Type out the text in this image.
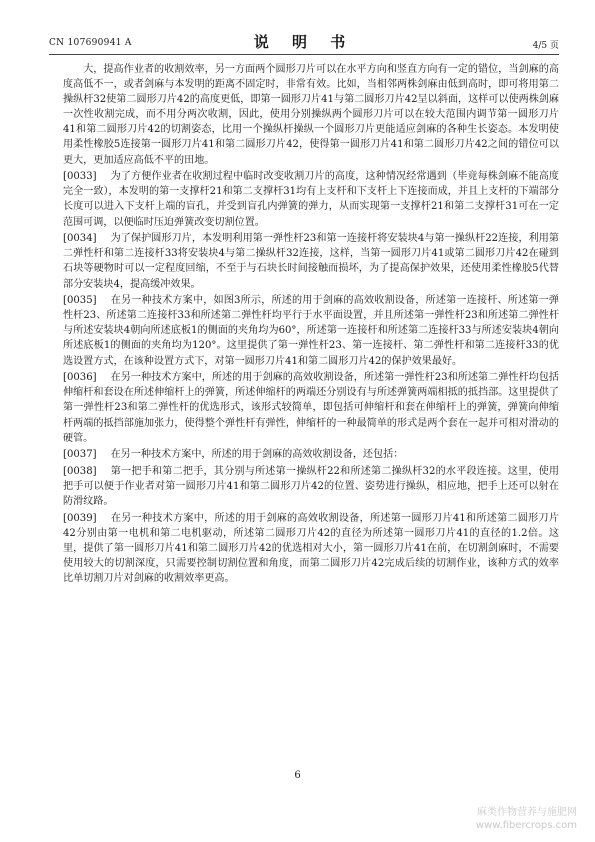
CN 107690941 A	说 明 书	4/5 页

大，提高作业者的收割效率，另一方面两个圆形刀片可以在水平方向和竖直方向有一定的错位，当剑麻的高度高低不一，或者剑麻与本发明的距离不固定时，非常有效。比如，当相邻两株剑麻由低到高时，即可将用第二操纵杆32使第二圆形刀片42的高度更低，即第一圆形刀片41与第二圆形刀片42呈以斜面，这样可以使两株剑麻一次性收割完成，而不用分两次收割，因此，使用分别操纵两个圆形刀片可以在较大范围内调节第一圆形刀片41和第二圆形刀片42的切割姿态，比用一个操纵杆操纵一个圆形刀片更能适应剑麻的各种生长姿态。本发明使用柔性橡胶5连接第一圆形刀片41和第二圆形刀片42，使得第一圆形刀片41和第二圆形刀片42之间的错位可以更大，更加适应高低不平的田地。

[0033] 为了方便作业者在收割过程中临时改变收割刀片的高度，这种情况经常遇到（毕竟每株剑麻不能高度完全一致），本发明的第一支撑杆21和第二支撑杆31均有上支杆和下支杆上下连接而成，并且上支杆的下端部分长度可以进入下支杆上端的盲孔，并受到盲孔内弹簧的弹力，从而实现第一支撑杆21和第二支撑杆31可在一定范围可调，以便临时压迫弹簧改变切割位置。

[0034] 为了保护圆形刀片，本发明利用第一弹性杆23和第一连接杆将安装块4与第一操纵杆22连接，利用第二弹性杆和第二连接杆33将安装块4与第二操纵杆32连接，这样，当第一圆形刀片41或第二圆形刀片42在碰到石块等硬物时可以一定程度回缩，不至于与石块长时间接触而损坏，为了提高保护效果，还使用柔性橡胶5代替部分安装块4，提高缓冲效果。

[0035] 在另一种技术方案中，如图3所示，所述的用于剑麻的高效收割设备，所述第一连接杆、所述第一弹性杆23、所述第二连接杆33和所述第二弹性杆均平行于水平面设置，并且所述第一弹性杆23和所述第二弹性杆与所述安装块4朝向所述底板1的侧面的夹角均为60°，所述第一连接杆和所述第二连接杆33与所述安装块4朝向所述底板1的侧面的夹角均为120°。这里提供了第一弹性杆23、第一连接杆、第二弹性杆和第二连接杆33的优选设置方式，在该种设置方式下，对第一圆形刀片41和第二圆形刀片42的保护效果最好。

[0036] 在另一种技术方案中，所述的用于剑麻的高效收割设备，所述第一弹性杆23和所述第二弹性杆均包括伸缩杆和套设在所述伸缩杆上的弹簧，所述伸缩杆的两端还分别设有与所述弹簧两端相抵的抵挡部。这里提供了第一弹性杆23和第二弹性杆的优选形式，该形式较简单，即包括可伸缩杆和套在伸缩杆上的弹簧，弹簧向伸缩杆两端的抵挡部施加张力，使得整个弹性杆有弹性，伸缩杆的一种最简单的形式是两个套在一起并可相对滑动的硬管。

[0037] 在另一种技术方案中，所述的用于剑麻的高效收割设备，还包括：

[0038] 第一把手和第二把手，其分别与所述第一操纵杆22和所述第二操纵杆32的水平段连接。这里，使用把手可以便于作业者对第一圆形刀片41和第二圆形刀片42的位置、姿势进行操纵，相应地，把手上还可以射在防滑纹路。

[0039] 在另一种技术方案中，所述的用于剑麻的高效收割设备，所述第一圆形刀片41和所述第二圆形刀片42分别由第一电机和第二电机驱动，所述第二圆形刀片42的直径为所述第一圆形刀片41的直径的1.2倍。这里，提供了第一圆形刀片41和第二圆形刀片42的优选相对大小，第一圆形刀片41在前，在切割剑麻时，不需要使用较大的切割深度，只需要控制切割位置和角度，而第二圆形刀片42完成后续的切割作业，该种方式的效率比单切割刀片对剑麻的收割效率更高。

6
麻类作物营养与施肥网
www.fibercrops.com
